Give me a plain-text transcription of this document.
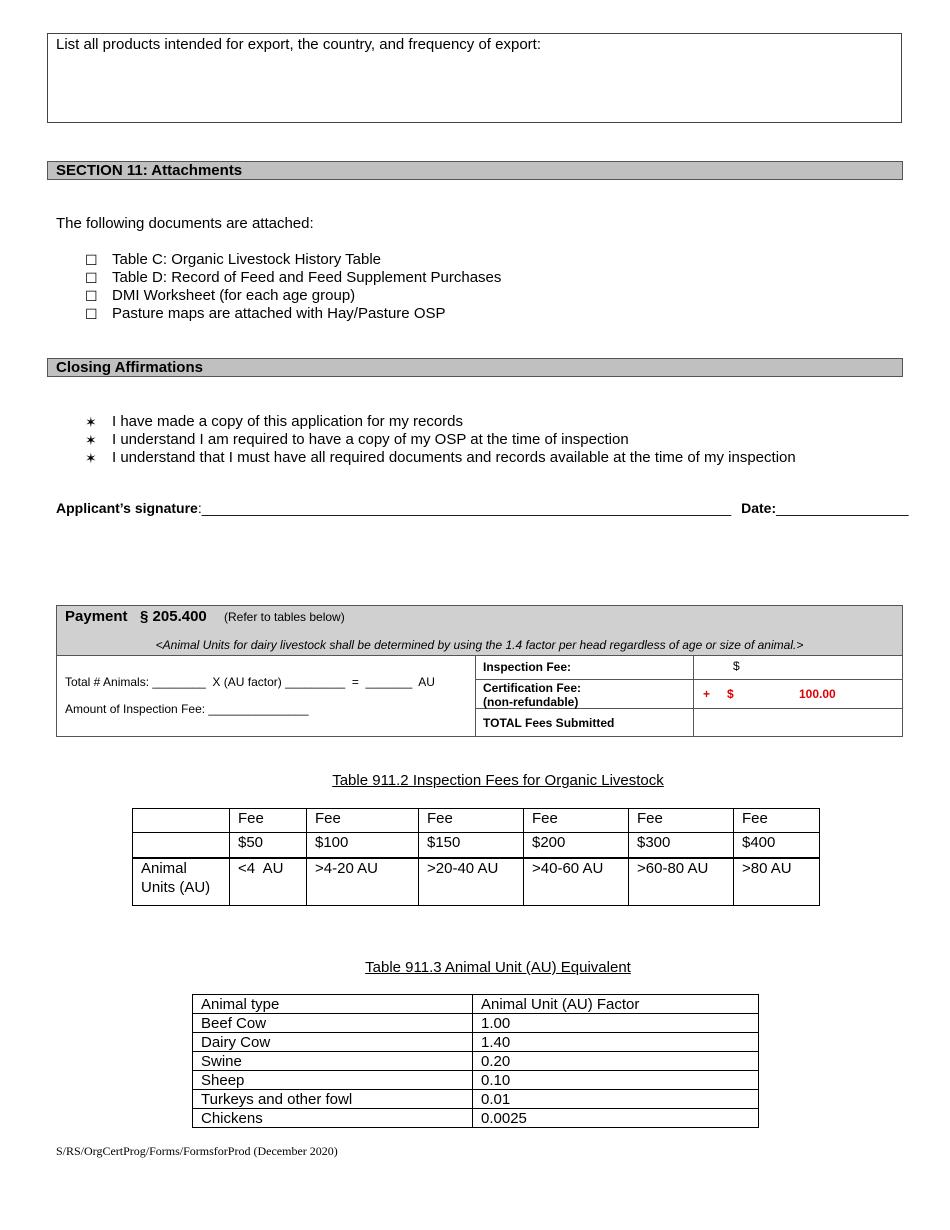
List all products intended for export, the country, and frequency of export:
SECTION 11: Attachments
The following documents are attached:
☐ Table C: Organic Livestock History Table
☐ Table D: Record of Feed and Feed Supplement Purchases
☐ DMI Worksheet (for each age group)
☐ Pasture maps are attached with Hay/Pasture OSP
Closing Affirmations
✶	I have made a copy of this application for my records
✶	I understand I am required to have a copy of my OSP at the time of inspection
✶	I understand that I must have all required documents and records available at the time of my inspection
Applicant’s signature:____________________________________________________________________ Date:_________________
Payment   § 205.400 (Refer to tables below)
<Animal Units for dairy livestock shall be determined by using the 1.4 factor per head regardless of age or size of animal.>
Total # Animals: ________  X (AU factor) _________  =  _______  AU
Amount of Inspection Fee: _______________
Inspection Fee:	$
Certification Fee:
(non-refundable)
+ $	100.00
TOTAL Fees Submitted
Table 911.2 Inspection Fees for Organic Livestock
	Fee	Fee	Fee	Fee	Fee	Fee
	$50	$100	$150	$200	$300	$400

Animal
Units (AU)	<4  AU	>4-20 AU	>20-40 AU	>40-60 AU	>60-80 AU	>80 AU
Table 911.3 Animal Unit (AU) Equivalent
Animal type	Animal Unit (AU) Factor
Beef Cow	1.00
Dairy Cow	1.40
Swine	0.20
Sheep	0.10
Turkeys and other fowl	0.01
Chickens	0.0025
S/RS/OrgCertProg/Forms/FormsforProd (December 2020)
